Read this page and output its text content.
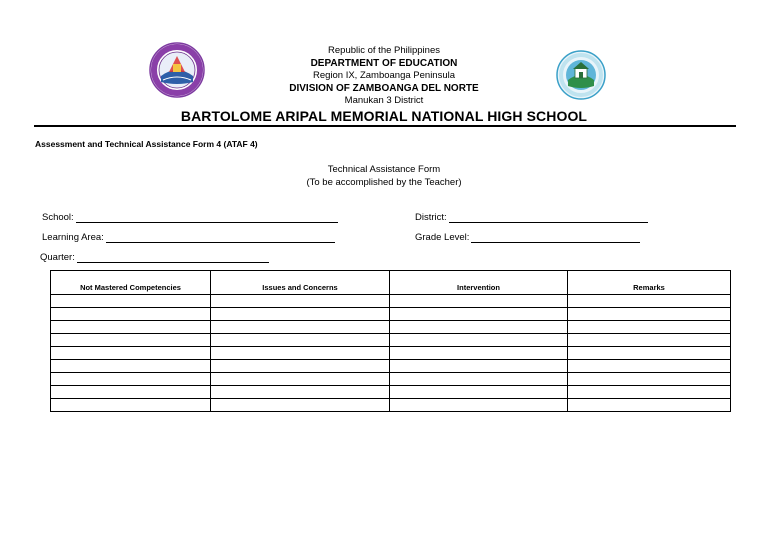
Republic of the Philippines
DEPARTMENT OF EDUCATION
Region IX, Zamboanga Peninsula
DIVISION OF ZAMBOANGA DEL NORTE
Manukan 3 District
BARTOLOME ARIPAL MEMORIAL NATIONAL HIGH SCHOOL
Assessment and Technical Assistance Form 4 (ATAF 4)
Technical Assistance Form
(To be accomplished by the Teacher)
School:	District:
Learning Area:	Grade Level:
Quarter:
Not Mastered Competencies	Issues and Concerns	Intervention	Remarks
